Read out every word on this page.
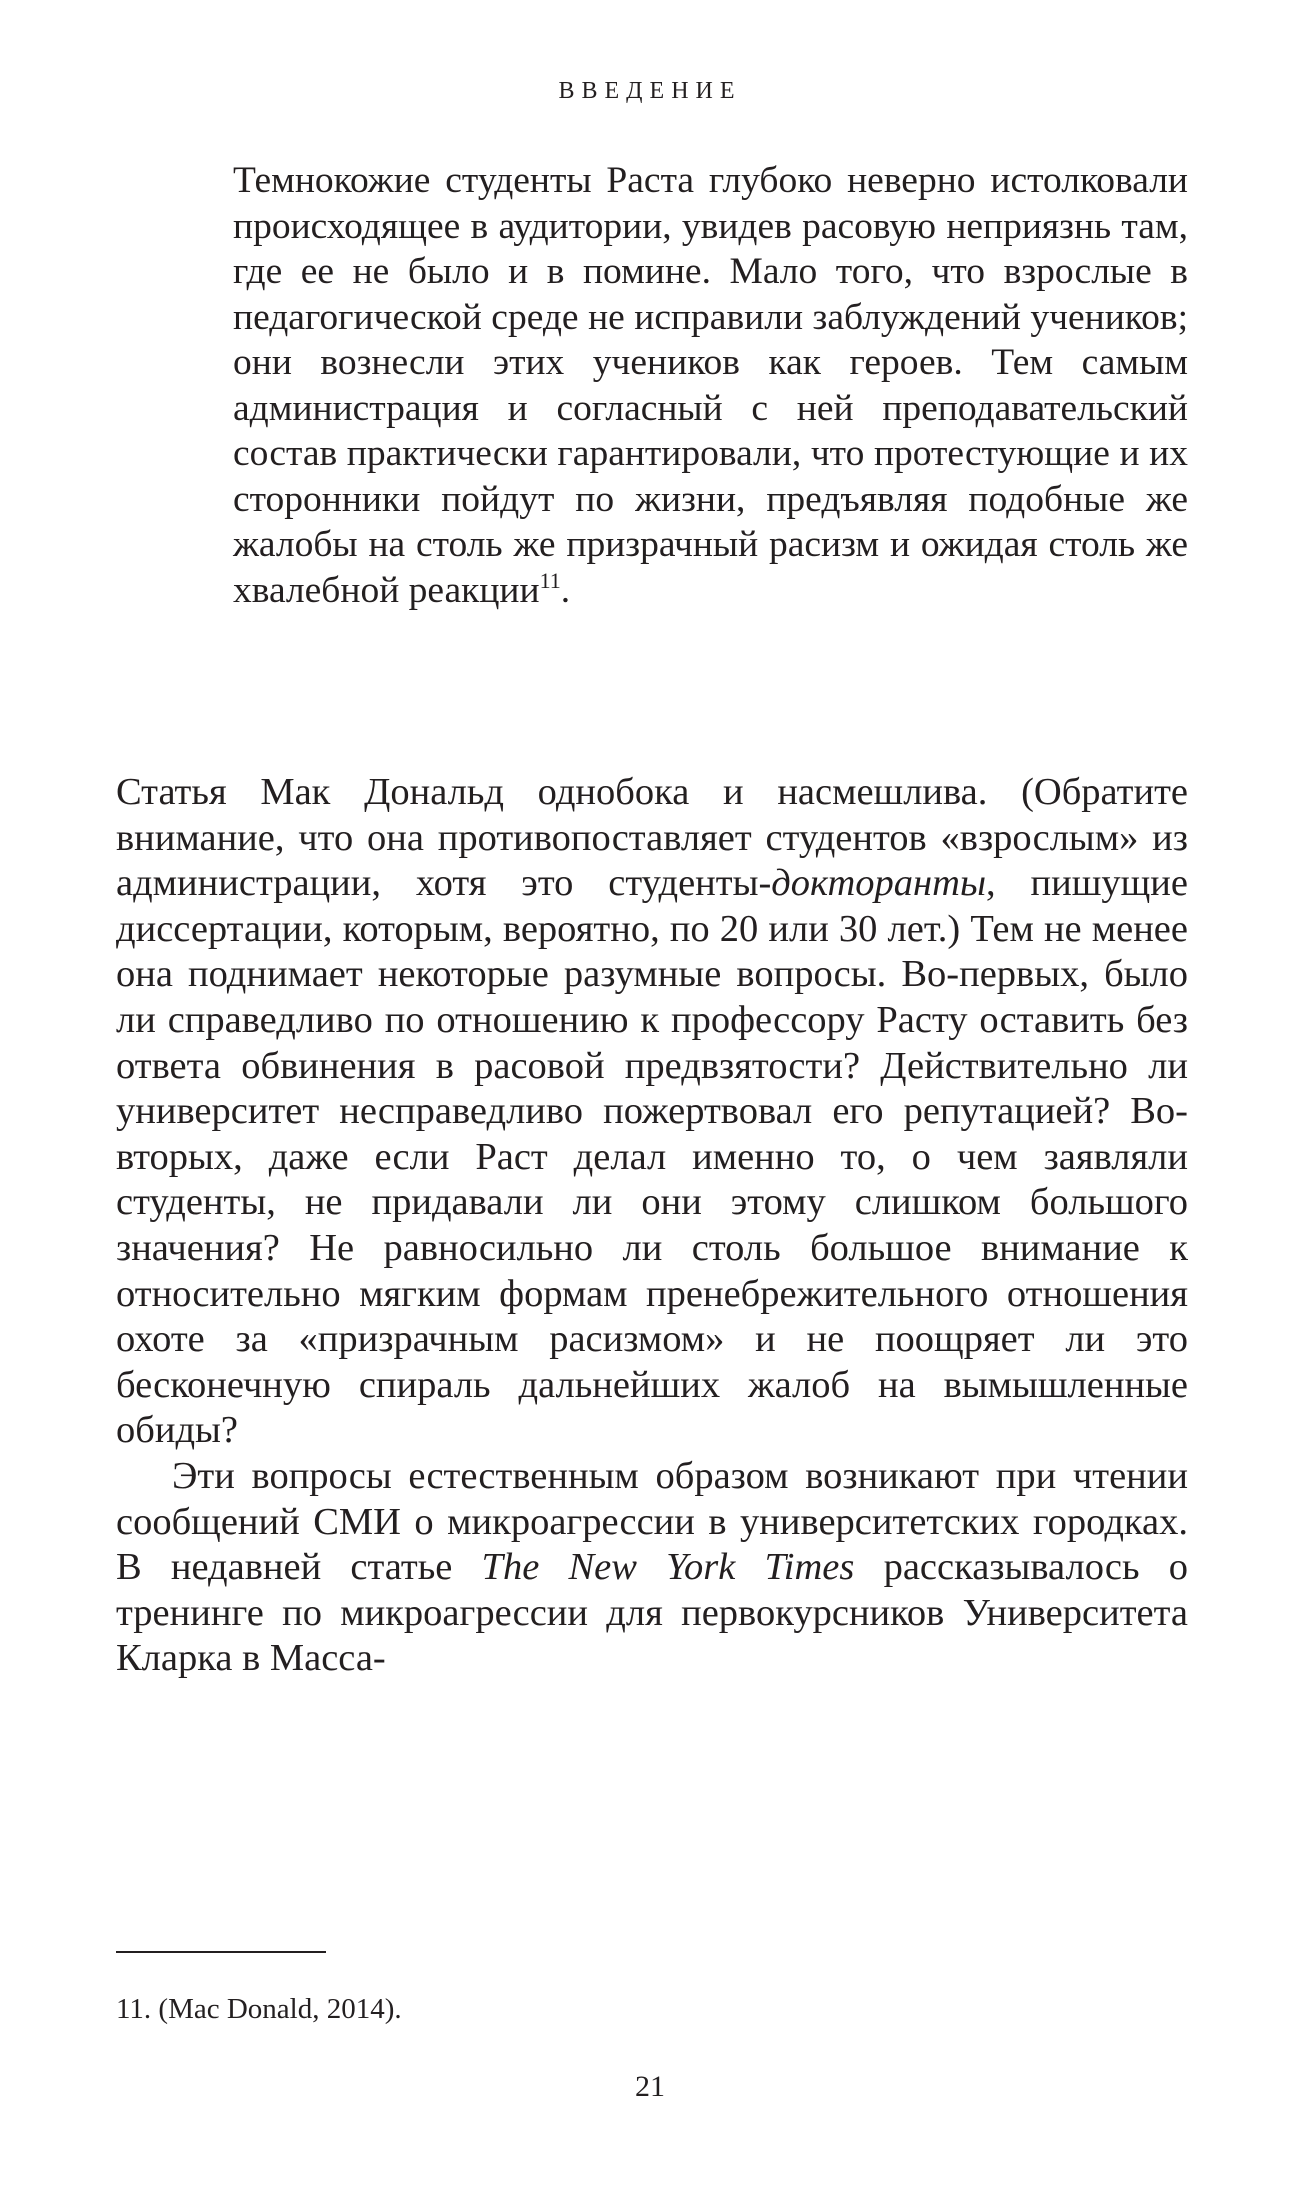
ВВЕДЕНИЕ

Темнокожие студенты Раста глубоко неверно истолковали происходящее в аудитории, увидев расовую неприязнь там, где ее не было и в помине. Мало того, что взрослые в педагогической среде не исправили заблуждений учеников; они вознесли этих учеников как героев. Тем самым администрация и согласный с ней преподавательский состав практически гарантировали, что протестующие и их сторонники пойдут по жизни, предъявляя подобные же жалобы на столь же призрачный расизм и ожидая столь же хвалебной реакции$^{11}$.

Статья Мак Дональд однобока и насмешлива. (Обратите внимание, что она противопоставляет студентов «взрослым» из администрации, хотя это студенты-докторанты, пишущие диссертации, которым, вероятно, по 20 или 30 лет.) Тем не менее она поднимает некоторые разумные вопросы. Во-первых, было ли справедливо по отношению к профессору Расту оставить без ответа обвинения в расовой предвзятости? Действительно ли университет несправедливо пожертвовал его репутацией? Во-вторых, даже если Раст делал именно то, о чем заявляли студенты, не придавали ли они этому слишком большого значения? Не равносильно ли столь большое внимание к относительно мягким формам пренебрежительного отношения охоте за «призрачным расизмом» и не поощряет ли это бесконечную спираль дальнейших жалоб на вымышленные обиды?

Эти вопросы естественным образом возникают при чтении сообщений СМИ о микроагрессии в университетских городках. В недавней статье The New York Times рассказывалось о тренинге по микроагрессии для первокурсников Университета Кларка в Масса-

11. (Mac Donald, 2014).
21
